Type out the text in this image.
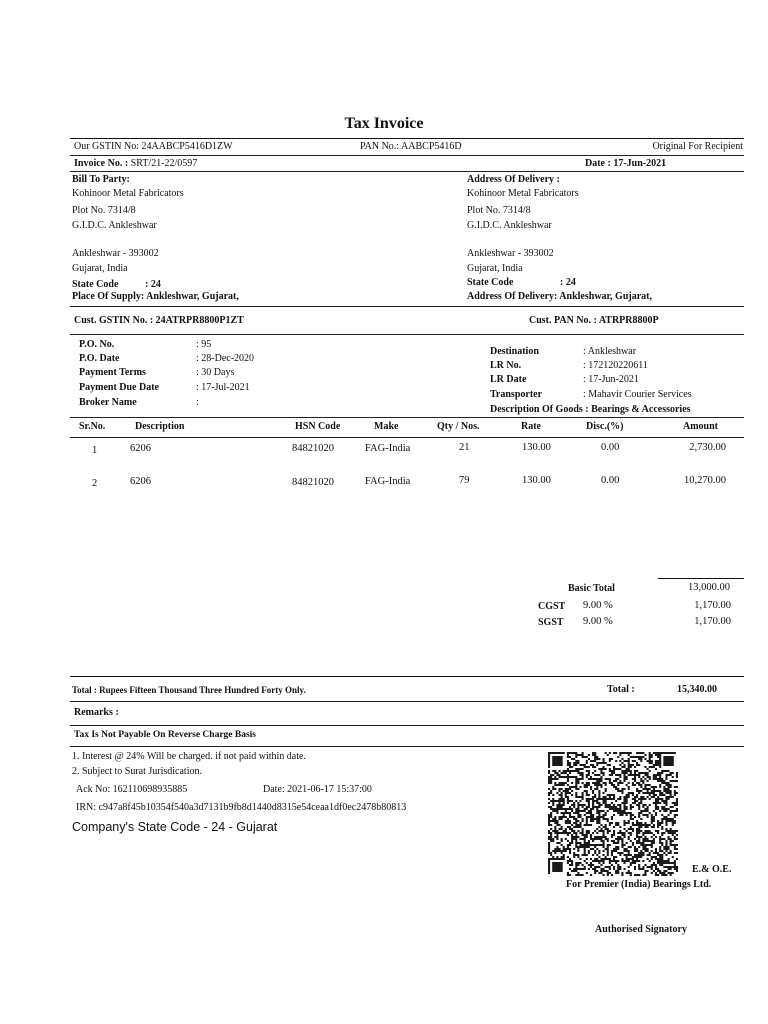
Tax Invoice
Our GSTIN No: 24AABCP5416D1ZW	PAN No.: AABCP5416D	Original For Recipient
Invoice No. : SRT/21-22/0597	Date : 17-Jun-2021
Bill To Party:
Kohinoor Metal Fabricators
Plot No. 7314/8
G.I.D.C. Ankleshwar
Ankleshwar - 393002
Gujarat, India
State Code	: 24
Place Of Supply: Ankleshwar, Gujarat,
Address Of Delivery :
Kohinoor Metal Fabricators
Plot No. 7314/8
G.I.D.C. Ankleshwar
Ankleshwar - 393002
Gujarat, India
State Code	: 24
Address Of Delivery: Ankleshwar, Gujarat,
Cust. GSTIN No. : 24ATRPR8800P1ZT	Cust. PAN No. : ATRPR8800P
P.O. No.	: 95
P.O. Date	: 28-Dec-2020
Payment Terms	: 30 Days
Payment Due Date	: 17-Jul-2021
Broker Name	:
Destination	: Ankleshwar
LR No.	: 172120220611
LR Date	: 17-Jun-2021
Transporter	: Mahavir Courier Services
Description Of Goods : Bearings & Accessories
Sr.No.	Description	HSN Code	Make	Qty / Nos.	Rate	Disc.(%)	Amount
1	6206	84821020	FAG-India	21	130.00	0.00	2,730.00
2	6206	84821020	FAG-India	79	130.00	0.00	10,270.00
Basic Total	13,000.00
CGST 9.00 %	1,170.00
SGST 9.00 %	1,170.00
Total : Rupees Fifteen Thousand Three Hundred Forty Only.	Total :	15,340.00
Remarks :
Tax Is Not Payable On Reverse Charge Basis
1. Interest @ 24% Will be charged. if not paid within date.
2. Subject to Surat Jurisdication.
Ack No: 162110698935885	Date: 2021-06-17 15:37:00
IRN: c947a8f45b10354f540a3d7131b9fb8d1440d8315e54ceaa1df0ec2478b80813
Company's State Code - 24 - Gujarat
E.& O.E.
For Premier (India) Bearings Ltd.
Authorised Signatory
